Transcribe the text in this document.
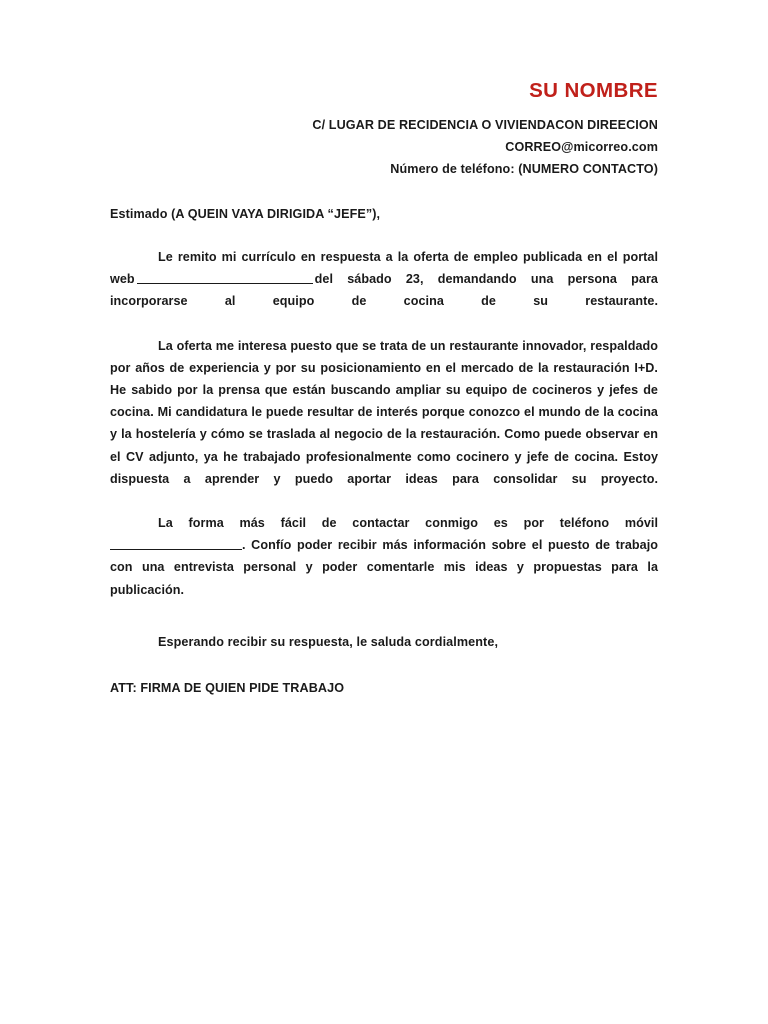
SU NOMBRE
C/ LUGAR DE RECIDENCIA O VIVIENDACON DIREECION
CORREO@micorreo.com
Número de teléfono: (NUMERO CONTACTO)
Estimado (A QUEIN VAYA DIRIGIDA “JEFE”),

Le remito mi currículo en respuesta a la oferta de empleo publicada en el portal web	del sábado 23, demandando una persona para incorporarse al equipo de cocina de su restaurante.

La oferta me interesa puesto que se trata de un restaurante innovador, respaldado por años de experiencia y por su posicionamiento en el mercado de la restauración I+D. He sabido por la prensa que están buscando ampliar su equipo de cocineros y jefes de cocina. Mi candidatura le puede resultar de interés porque conozco el mundo de la cocina y la hostelería y cómo se traslada al negocio de la restauración. Como puede observar en el CV adjunto, ya he trabajado profesionalmente como cocinero y jefe de cocina. Estoy dispuesta a aprender y puedo aportar ideas para consolidar su proyecto.

La forma más fácil de contactar conmigo es por teléfono móvil. Confío poder recibir más información sobre el puesto de trabajo con una entrevista personal y poder comentarle mis ideas y propuestas para la publicación.

Esperando recibir su respuesta, le saluda cordialmente,
ATT: FIRMA DE QUIEN PIDE TRABAJO
